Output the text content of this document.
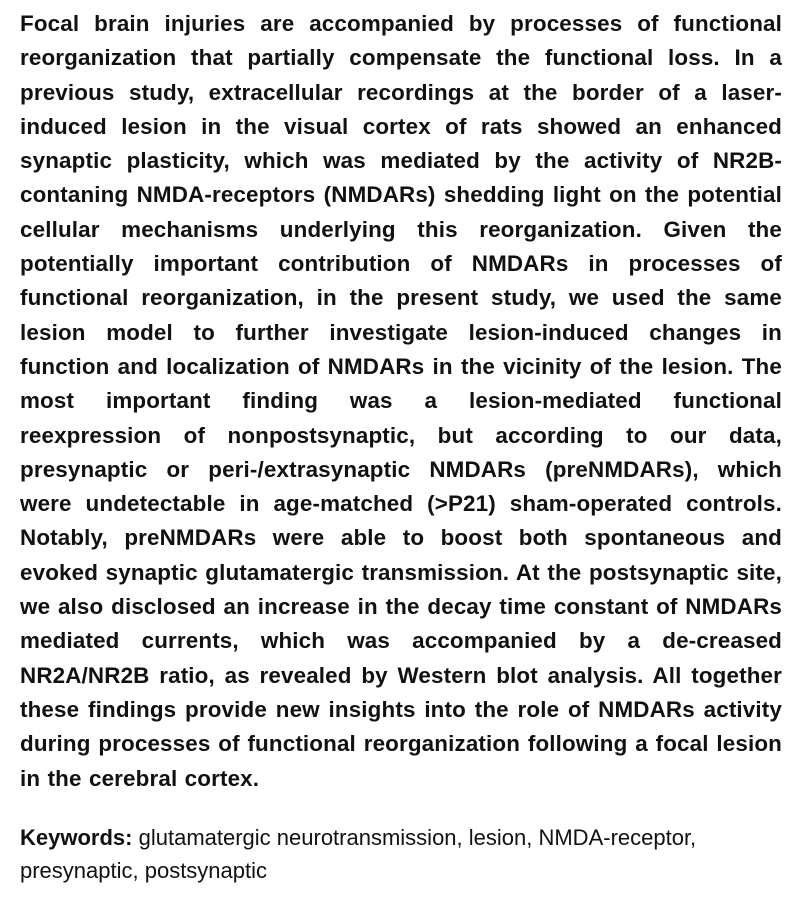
Focal brain injuries are accompanied by processes of functional reorganization that partially compensate the functional loss. In a previous study, extracellular recordings at the border of a laser-induced lesion in the visual cortex of rats showed an enhanced synaptic plasticity, which was mediated by the activity of NR2B-contaning NMDA-receptors (NMDARs) shedding light on the potential cellular mechanisms underlying this reorganization. Given the potentially important contribution of NMDARs in processes of functional reorganization, in the present study, we used the same lesion model to further investigate lesion-induced changes in function and localization of NMDARs in the vicinity of the lesion. The most important finding was a lesion-mediated functional reexpression of nonpostsynaptic, but according to our data, presynaptic or peri-/extrasynaptic NMDARs (preNMDARs), which were undetectable in age-matched (>P21) sham-operated controls. Notably, preNMDARs were able to boost both spontaneous and evoked synaptic glutamatergic transmission. At the postsynaptic site, we also disclosed an increase in the decay time constant of NMDARs mediated currents, which was accompanied by a de-creased NR2A/NR2B ratio, as revealed by Western blot analysis. All together these findings provide new insights into the role of NMDARs activity during processes of functional reorganization following a focal lesion in the cerebral cortex.

Keywords: glutamatergic neurotransmission, lesion, NMDA-receptor, presynaptic, postsynaptic
